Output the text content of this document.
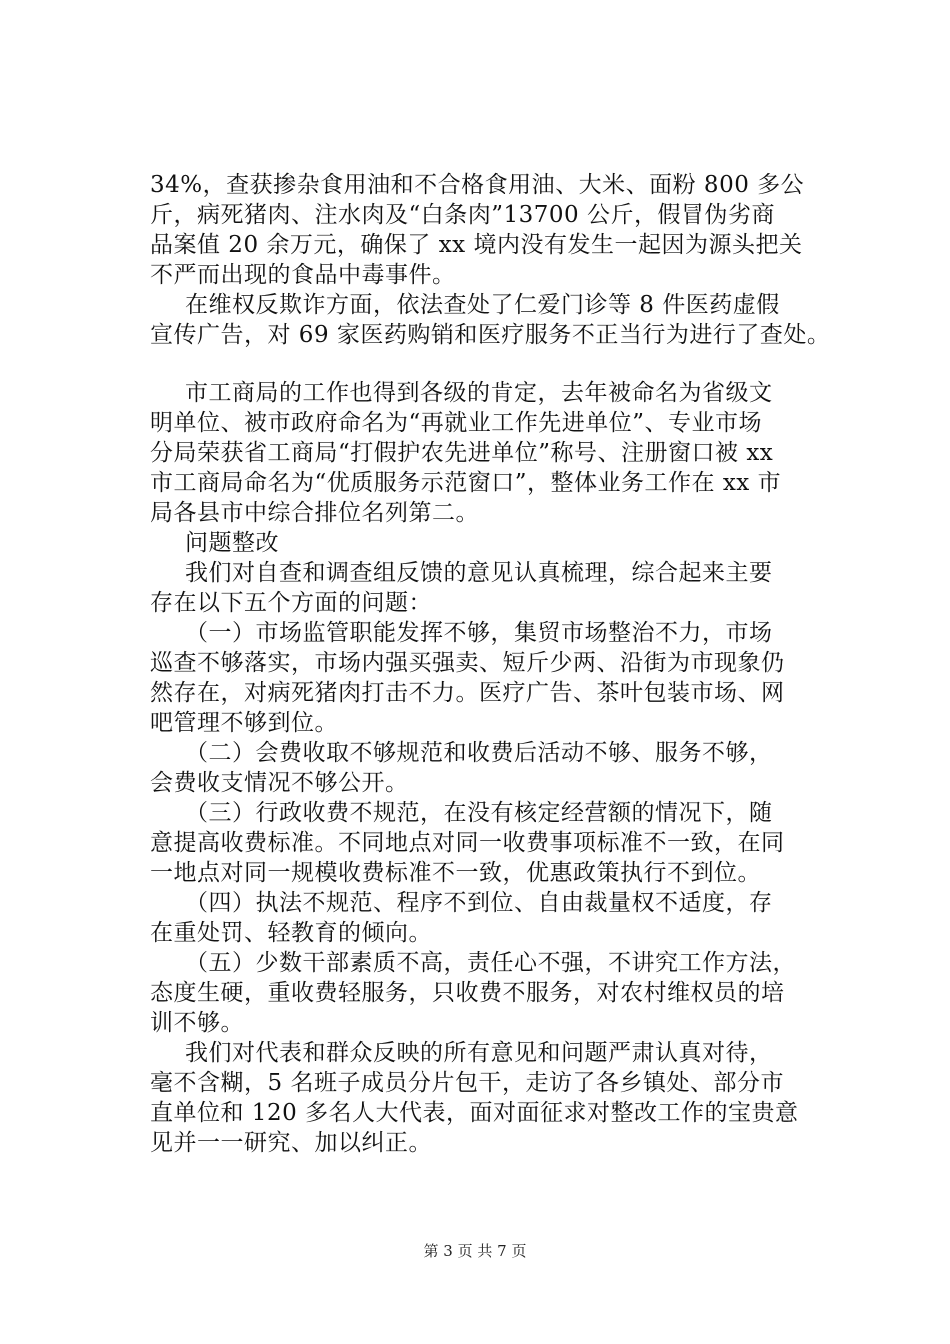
34%，查获掺杂食用油和不合格食用油、大米、面粉 800 多公
斤，病死猪肉、注水肉及“白条肉”13700 公斤，假冒伪劣商
品案值 20 余万元，确保了 xx 境内没有发生一起因为源头把关
不严而出现的食品中毒事件。
在维权反欺诈方面，依法查处了仁爱门诊等 8 件医药虚假
宣传广告，对 69 家医药购销和医疗服务不正当行为进行了查处。
市工商局的工作也得到各级的肯定，去年被命名为省级文
明单位、被市政府命名为“再就业工作先进单位”、专业市场
分局荣获省工商局“打假护农先进单位”称号、注册窗口被 xx
市工商局命名为“优质服务示范窗口”，整体业务工作在 xx 市
局各县市中综合排位名列第二。
问题整改
我们对自查和调查组反馈的意见认真梳理，综合起来主要
存在以下五个方面的问题：
（一）市场监管职能发挥不够，集贸市场整治不力，市场
巡查不够落实，市场内强买强卖、短斤少两、沿街为市现象仍
然存在，对病死猪肉打击不力。医疗广告、茶叶包装市场、网
吧管理不够到位。
（二）会费收取不够规范和收费后活动不够、服务不够，
会费收支情况不够公开。
（三）行政收费不规范，在没有核定经营额的情况下，随
意提高收费标准。不同地点对同一收费事项标准不一致，在同
一地点对同一规模收费标准不一致，优惠政策执行不到位。
（四）执法不规范、程序不到位、自由裁量权不适度，存
在重处罚、轻教育的倾向。
（五）少数干部素质不高，责任心不强，不讲究工作方法，
态度生硬，重收费轻服务，只收费不服务，对农村维权员的培
训不够。
我们对代表和群众反映的所有意见和问题严肃认真对待，
毫不含糊，5 名班子成员分片包干，走访了各乡镇处、部分市
直单位和 120 多名人大代表，面对面征求对整改工作的宝贵意
见并一一研究、加以纠正。
第 3 页 共 7 页
